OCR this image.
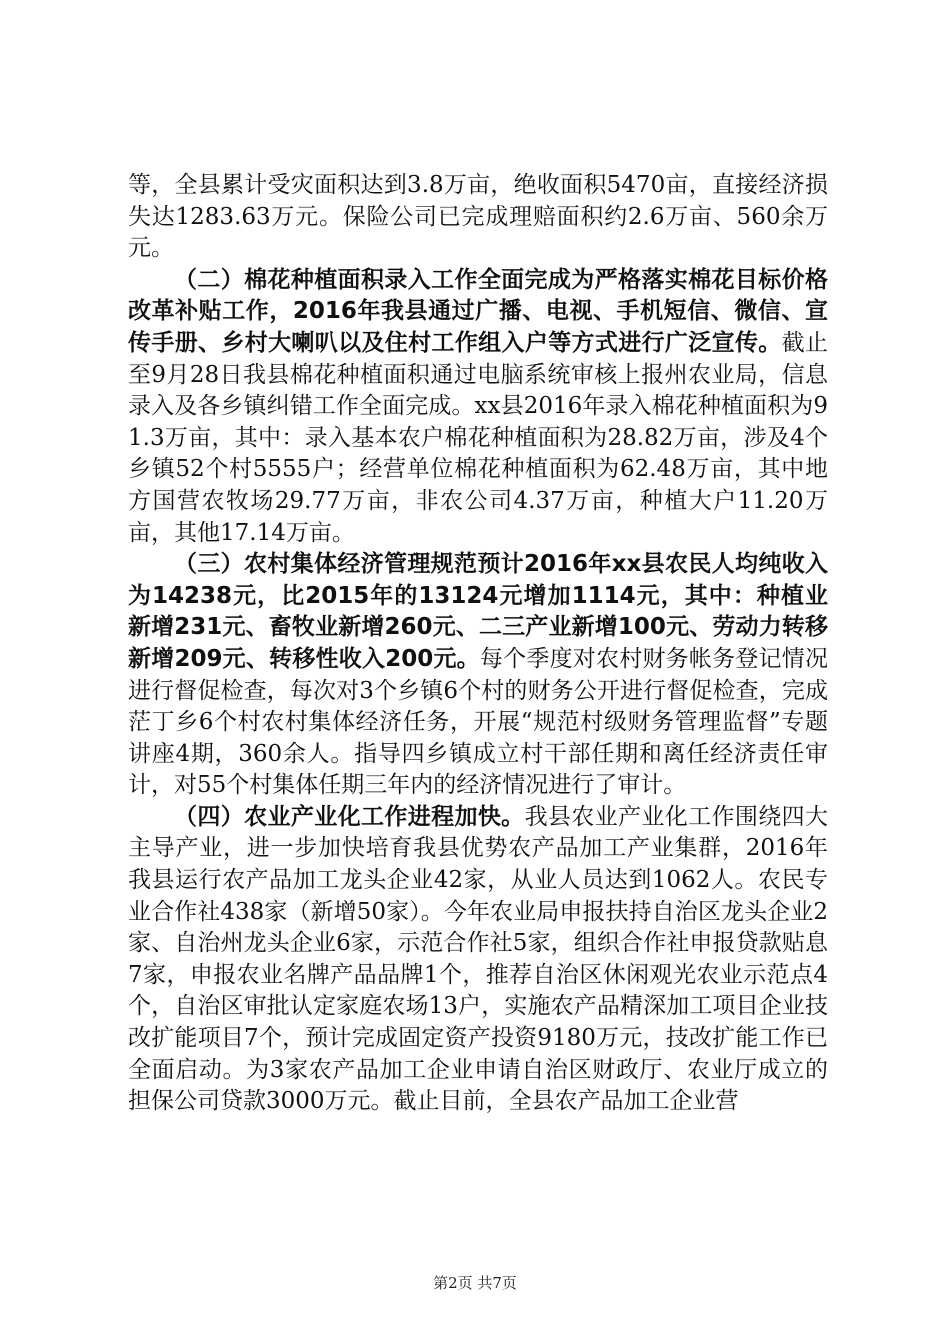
等，全县累计受灾面积达到3.8万亩，绝收面积5470亩，直接经济损失达1283.63万元。保险公司已完成理赔面积约2.6万亩、560余万元。

（二）棉花种植面积录入工作全面完成为严格落实棉花目标价格改革补贴工作，2016年我县通过广播、电视、手机短信、微信、宣传手册、乡村大喇叭以及住村工作组入户等方式进行广泛宣传。截止至9月28日我县棉花种植面积通过电脑系统审核上报州农业局，信息录入及各乡镇纠错工作全面完成。xx县2016年录入棉花种植面积为91.3万亩，其中：录入基本农户棉花种植面积为28.82万亩，涉及4个乡镇52个村5555户；经营单位棉花种植面积为62.48万亩，其中地方国营农牧场29.77万亩，非农公司4.37万亩，种植大户11.20万亩，其他17.14万亩。

（三）农村集体经济管理规范预计2016年xx县农民人均纯收入为14238元，比2015年的13124元增加1114元，其中：种植业新增231元、畜牧业新增260元、二三产业新增100元、劳动力转移新增209元、转移性收入200元。每个季度对农村财务帐务登记情况进行督促检查，每次对3个乡镇6个村的财务公开进行督促检查，完成茫丁乡6个村农村集体经济任务，开展“规范村级财务管理监督”专题讲座4期，360余人。指导四乡镇成立村干部任期和离任经济责任审计，对55个村集体任期三年内的经济情况进行了审计。

（四）农业产业化工作进程加快。我县农业产业化工作围绕四大主导产业，进一步加快培育我县优势农产品加工产业集群，2016年我县运行农产品加工龙头企业42家，从业人员达到1062人。农民专业合作社438家（新增50家）。今年农业局申报扶持自治区龙头企业2家、自治州龙头企业6家，示范合作社5家，组织合作社申报贷款贴息7家，申报农业名牌产品品牌1个，推荐自治区休闲观光农业示范点4个，自治区审批认定家庭农场13户，实施农产品精深加工项目企业技改扩能项目7个，预计完成固定资产投资9180万元，技改扩能工作已全面启动。为3家农产品加工企业申请自治区财政厅、农业厅成立的担保公司贷款3000万元。截止目前，全县农产品加工企业营

第2页 共7页
